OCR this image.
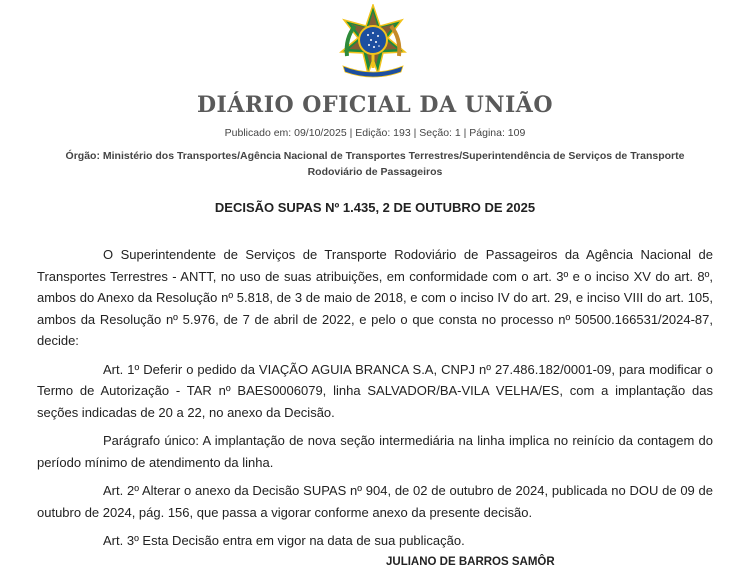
DIÁRIO OFICIAL DA UNIÃO
Publicado em: 09/10/2025 | Edição: 193 | Seção: 1 | Página: 109
Órgão: Ministério dos Transportes/Agência Nacional de Transportes Terrestres/Superintendência de Serviços de Transporte Rodoviário de Passageiros
DECISÃO SUPAS Nº 1.435, 2 DE OUTUBRO DE 2025

O Superintendente de Serviços de Transporte Rodoviário de Passageiros da Agência Nacional de Transportes Terrestres - ANTT, no uso de suas atribuições, em conformidade com o art. 3º e o inciso XV do art. 8º, ambos do Anexo da Resolução nº 5.818, de 3 de maio de 2018, e com o inciso IV do art. 29, e inciso VIII do art. 105, ambos da Resolução nº 5.976, de 7 de abril de 2022, e pelo o que consta no processo nº 50500.166531/2024-87, decide:

Art. 1º Deferir o pedido da VIAÇÃO AGUIA BRANCA S.A, CNPJ nº 27.486.182/0001-09, para modificar o Termo de Autorização - TAR nº BAES0006079, linha SALVADOR/BA-VILA VELHA/ES, com a implantação das seções indicadas de 20 a 22, no anexo da Decisão.

Parágrafo único: A implantação de nova seção intermediária na linha implica no reinício da contagem do período mínimo de atendimento da linha.

Art. 2º Alterar o anexo da Decisão SUPAS nº 904, de 02 de outubro de 2024, publicada no DOU de 09 de outubro de 2024, pág. 156, que passa a vigorar conforme anexo da presente decisão.

Art. 3º Esta Decisão entra em vigor na data de sua publicação.

JULIANO DE BARROS SAMÔR
